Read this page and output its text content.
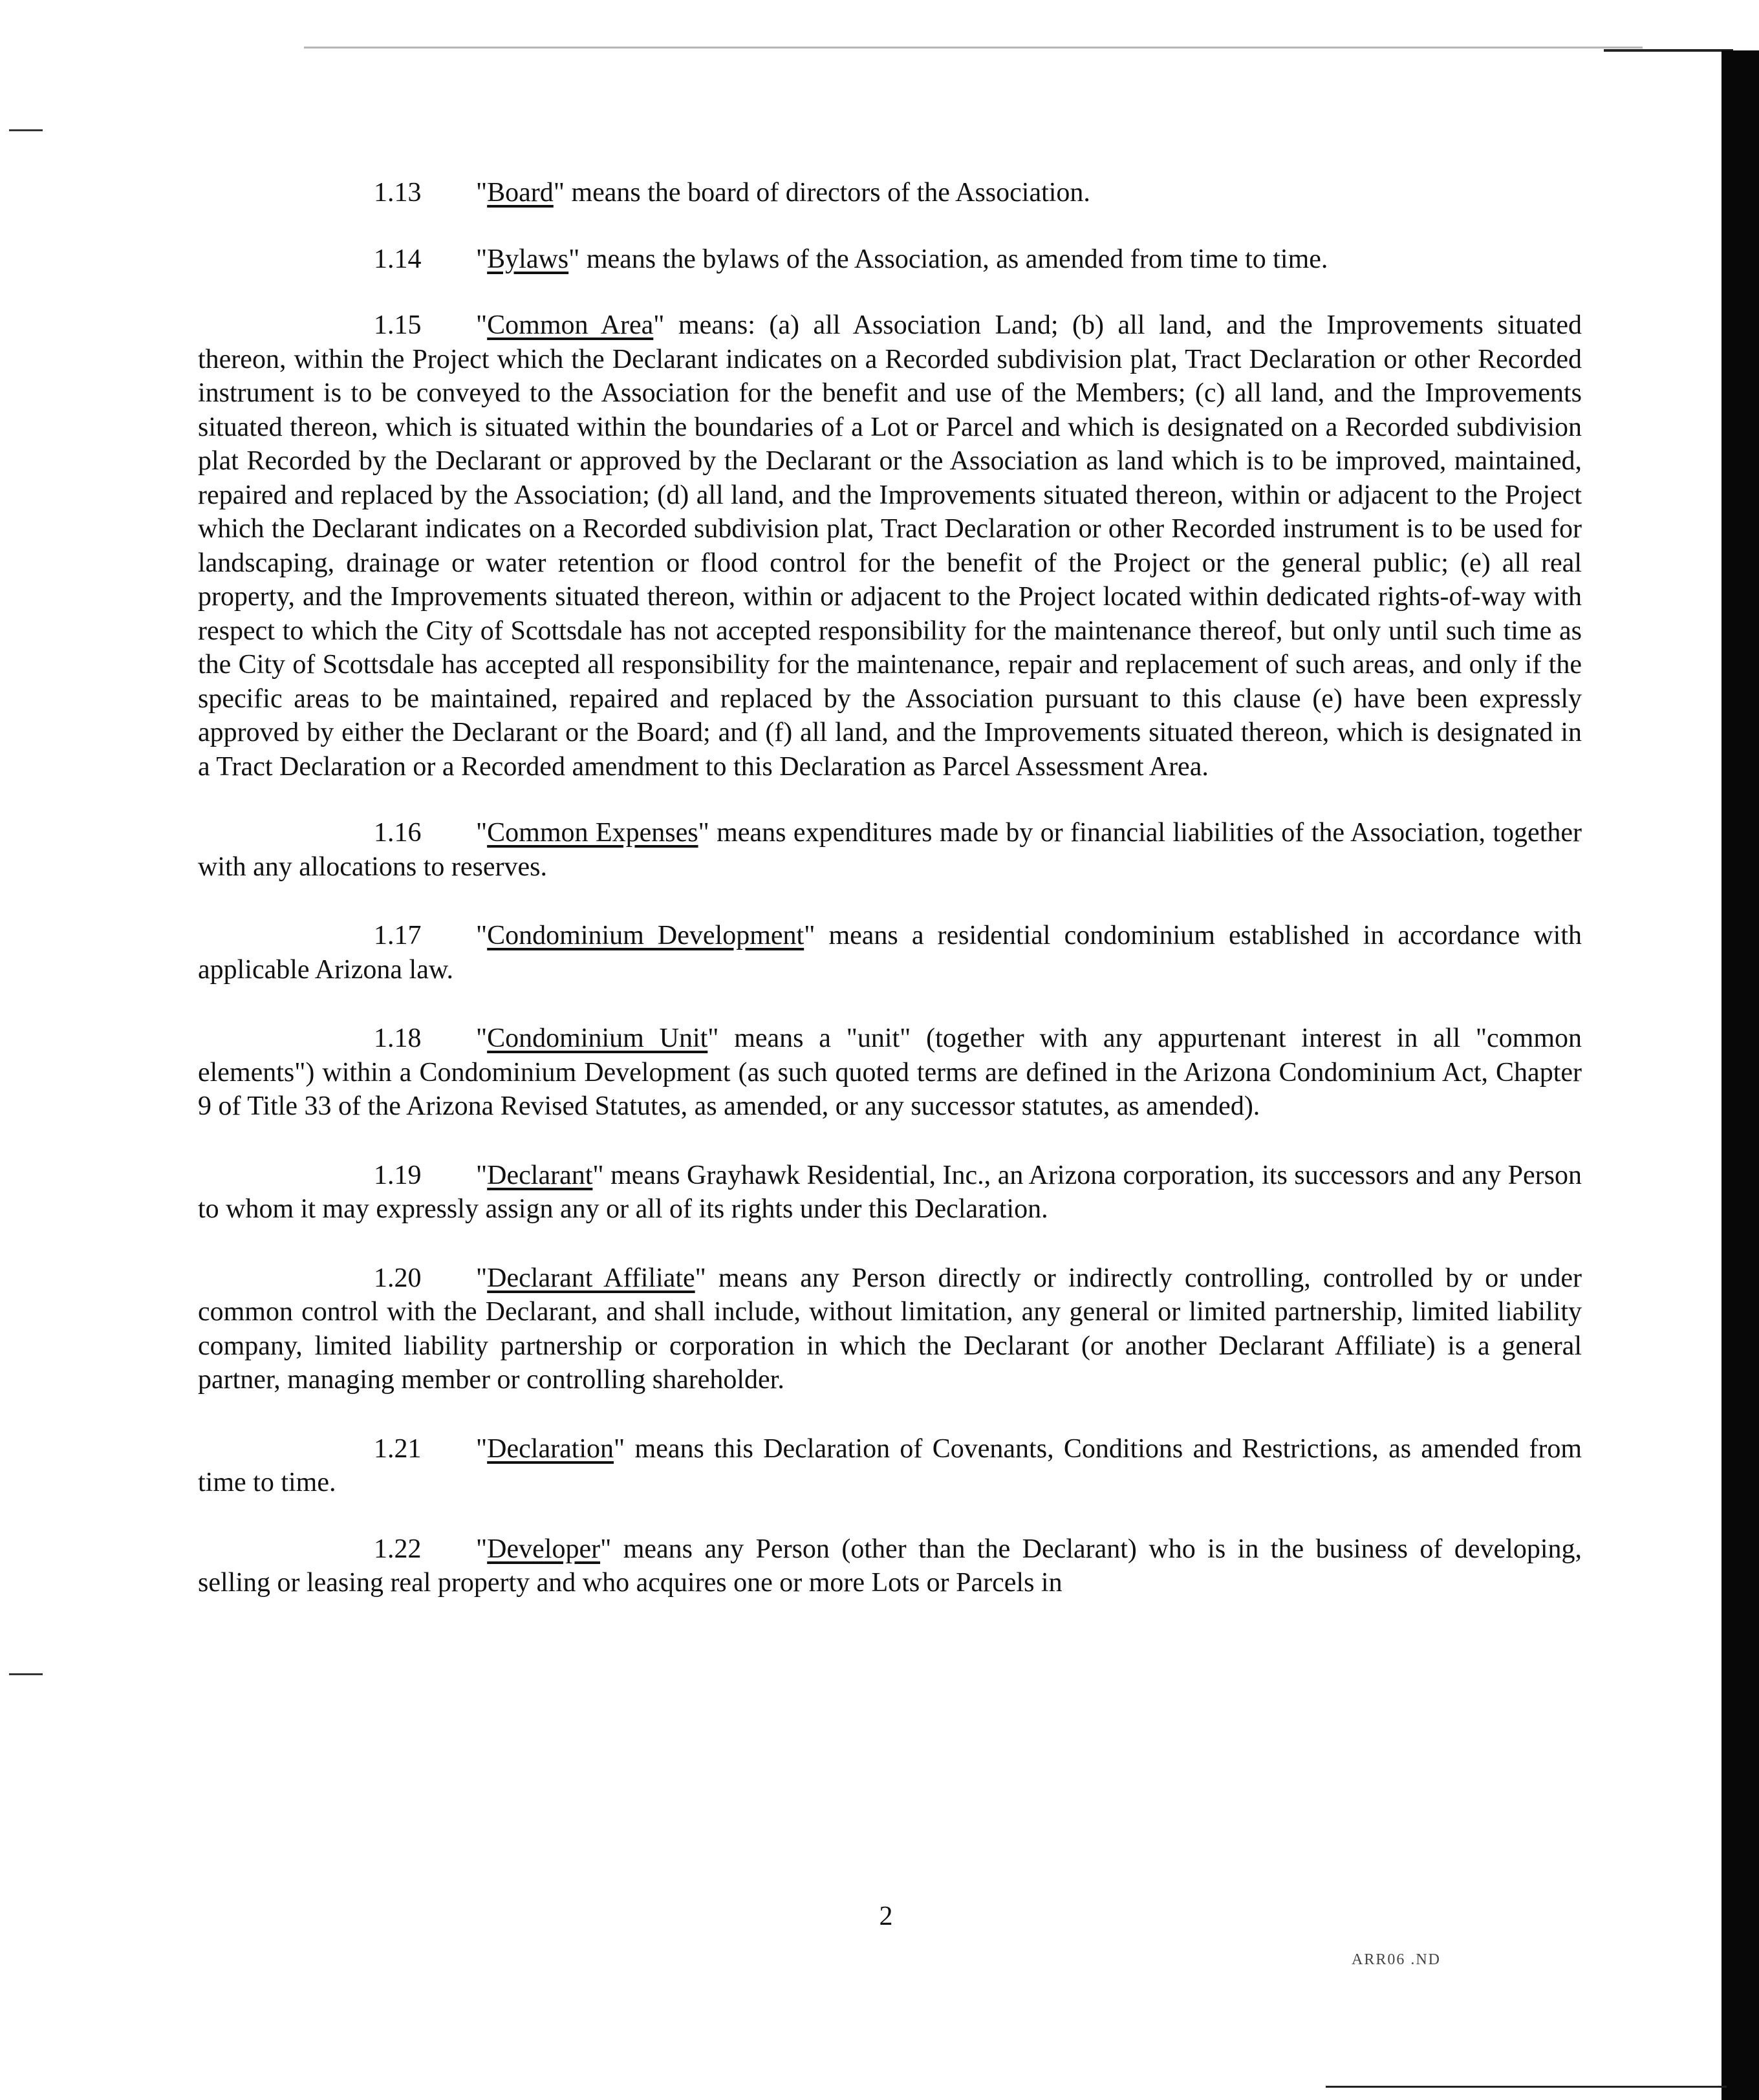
1.13 "Board" means the board of directors of the Association.

1.14 "Bylaws" means the bylaws of the Association, as amended from time to time.

1.15 "Common Area" means: (a) all Association Land; (b) all land, and the Improvements situated thereon, within the Project which the Declarant indicates on a Recorded subdivision plat, Tract Declaration or other Recorded instrument is to be conveyed to the Association for the benefit and use of the Members; (c) all land, and the Improvements situated thereon, which is situated within the boundaries of a Lot or Parcel and which is designated on a Recorded subdivision plat Recorded by the Declarant or approved by the Declarant or the Association as land which is to be improved, maintained, repaired and replaced by the Association; (d) all land, and the Improvements situated thereon, within or adjacent to the Project which the Declarant indicates on a Recorded subdivision plat, Tract Declaration or other Recorded instrument is to be used for landscaping, drainage or water retention or flood control for the benefit of the Project or the general public; (e) all real property, and the Improvements situated thereon, within or adjacent to the Project located within dedicated rights-of-way with respect to which the City of Scottsdale has not accepted responsibility for the maintenance thereof, but only until such time as the City of Scottsdale has accepted all responsibility for the maintenance, repair and replacement of such areas, and only if the specific areas to be maintained, repaired and replaced by the Association pursuant to this clause (e) have been expressly approved by either the Declarant or the Board; and (f) all land, and the Improvements situated thereon, which is designated in a Tract Declaration or a Recorded amendment to this Declaration as Parcel Assessment Area.

1.16 "Common Expenses" means expenditures made by or financial liabilities of the Association, together with any allocations to reserves.

1.17 "Condominium Development" means a residential condominium established in accordance with applicable Arizona law.

1.18 "Condominium Unit" means a "unit" (together with any appurtenant interest in all "common elements") within a Condominium Development (as such quoted terms are defined in the Arizona Condominium Act, Chapter 9 of Title 33 of the Arizona Revised Statutes, as amended, or any successor statutes, as amended).

1.19 "Declarant" means Grayhawk Residential, Inc., an Arizona corporation, its successors and any Person to whom it may expressly assign any or all of its rights under this Declaration.

1.20 "Declarant Affiliate" means any Person directly or indirectly controlling, controlled by or under common control with the Declarant, and shall include, without limitation, any general or limited partnership, limited liability company, limited liability partnership or corporation in which the Declarant (or another Declarant Affiliate) is a general partner, managing member or controlling shareholder.

1.21 "Declaration" means this Declaration of Covenants, Conditions and Restrictions, as amended from time to time.

1.22 "Developer" means any Person (other than the Declarant) who is in the business of developing, selling or leasing real property and who acquires one or more Lots or Parcels in

2
ARR06 .ND
